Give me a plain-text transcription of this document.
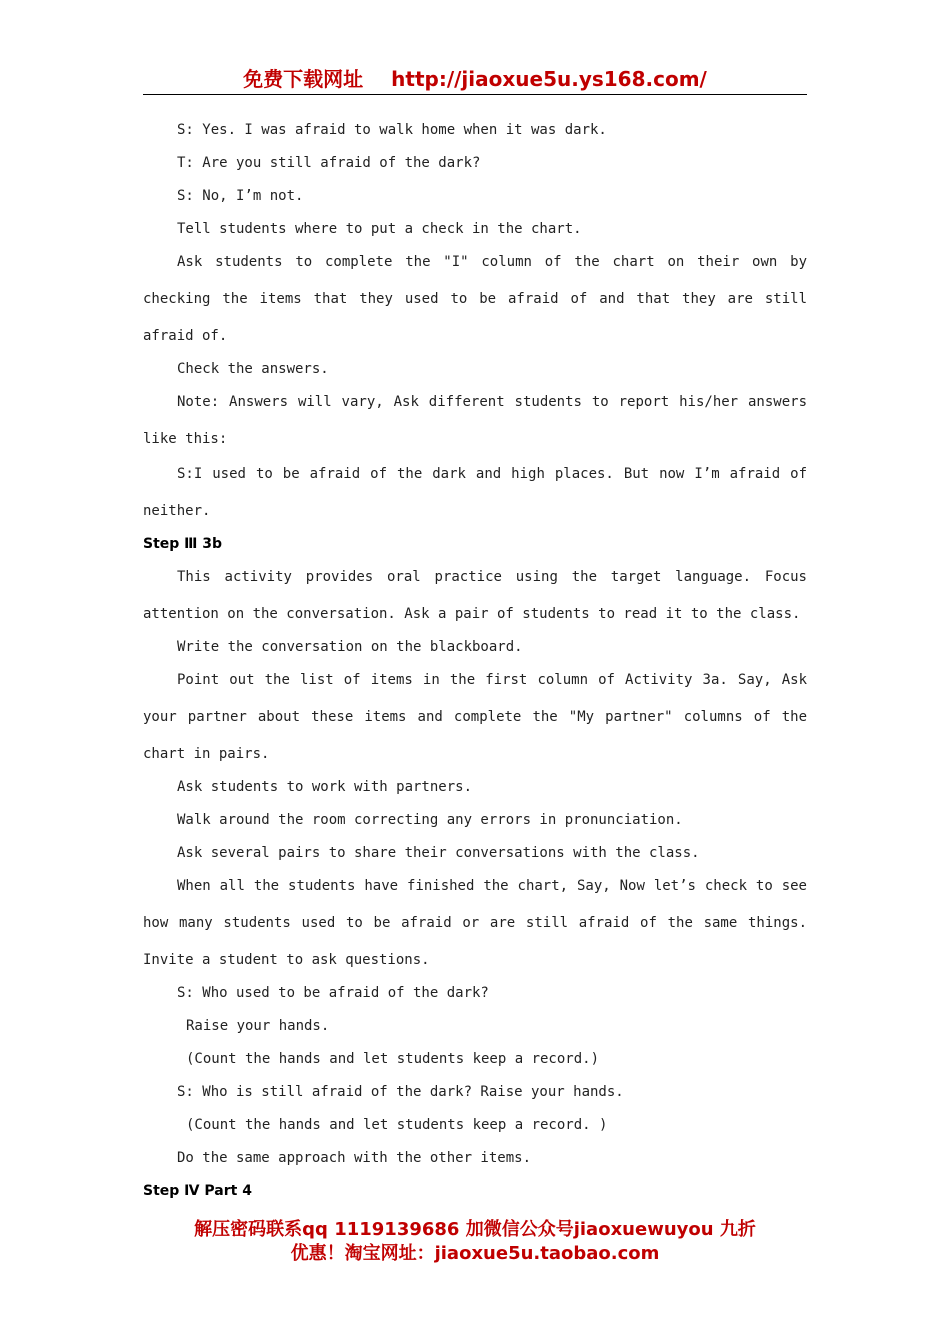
免费下载网址 http://jiaoxue5u.ys168.com/

S: Yes. I was afraid to walk home when it was dark.

T: Are you still afraid of the dark?

S: No, I’m not.

Tell students where to put a check in the chart.

Ask students to complete the "I" column of the chart on their own by checking the items that they used to be afraid of and that they are still afraid of.

Check the answers.

Note: Answers will vary, Ask different students to report his/her answers like this:

S:I used to be afraid of the dark and high places. But now I’m afraid of neither.

Step Ⅲ 3b

This activity provides oral practice using the target language. Focus attention on the conversation. Ask a pair of students to read it to the class.

Write the conversation on the blackboard.

Point out the list of items in the first column of Activity 3a. Say, Ask your partner about these items and complete the "My partner" columns of the chart in pairs.

Ask students to work with partners.

Walk around the room correcting any errors in pronunciation.

Ask several pairs to share their conversations with the class.

When all the students have finished the chart, Say, Now let’s check to see how many students used to be afraid or are still afraid of the same things. Invite a student to ask questions.

S: Who used to be afraid of the dark?

Raise your hands.

(Count the hands and let students keep a record.)

S: Who is still afraid of the dark? Raise your hands.

(Count the hands and let students keep a record. )

Do the same approach with the other items.

Step Ⅳ Part 4

解压密码联系qq 1119139686 加微信公众号jiaoxuewuyou 九折
优惠！淘宝网址：jiaoxue5u.taobao.com
